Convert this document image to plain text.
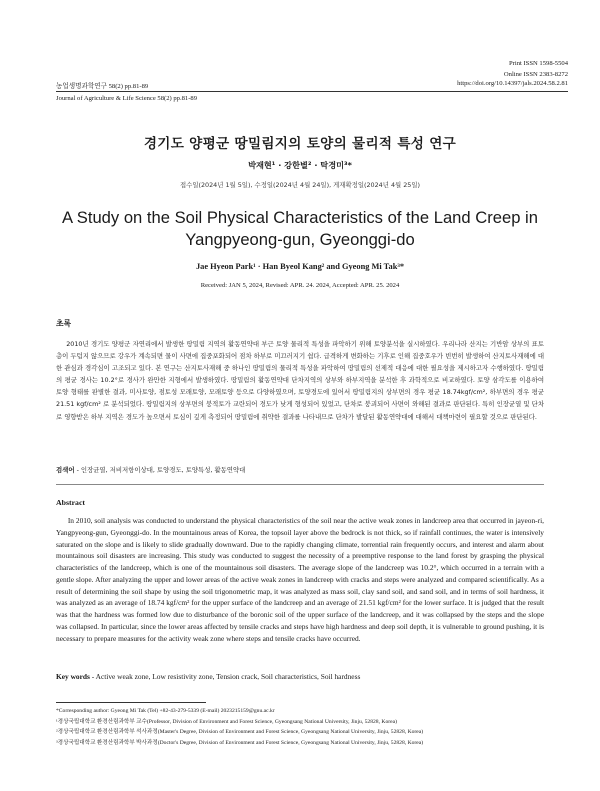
Print ISSN 1598-5504
Online ISSN 2383-8272
농업생명과학연구 58(2) pp.81-89	https://doi.org/10.14397/jals.2024.58.2.81
Journal of Agriculture & Life Science 58(2) pp.81-89
경기도 양평군 땅밀림지의 토양의 물리적 특성 연구
박재현¹ · 강한별² · 탁경미³*
접수일(2024년 1월 5일), 수정일(2024년 4월 24일), 게재확정일(2024년 4월 25일)
A Study on the Soil Physical Characteristics of the Land Creep in
Yangpyeong-gun, Gyeonggi-do
Jae Hyeon Park¹ · Han Byeol Kang² and Gyeong Mi Tak³*
Received: JAN 5, 2024, Revised: APR. 24. 2024, Accepted: APR. 25. 2024
초록
2010년 경기도 양평군 자연리에서 발생한 땅밀림 지역의 활동연약대 부근 토양 물리적 특성을 파악하기 위해 토양분석을 실시하였다. 우리나라 산지는 기반암 상부의 표토층이 두텁지 않으므로 강우가 계속되면 물이 사면에 집중포화되어 점차 하부로 미끄러지기 쉽다. 급격하게 변화하는 기후로 인해 집중호우가 빈번히 발생하여 산지토사재해에 대한 관심과 경각심이 고조되고 있다. 본 연구는 산지토사재해 중 하나인 땅밀림의 물리적 특성을 파악하여 땅밀림의 선제적 대응에 대한 필요성을 제시하고자 수행하였다. 땅밀림의 평균 경사는 10.2°로 경사가 완만한 지형에서 발생하였다. 땅밀림의 활동연약대 단차지역의 상부와 하부지역을 분석한 후 과학적으로 비교하였다. 토양 삼각도를 이용하여 토양 형태를 판별한 결과, 미사토양, 점토성 모래토양, 모래토양 등으로 다양하였으며, 토양경도에 있어서 땅밀림지의 상부면의 경우 평균 18.74kgf/cm², 하부면의 경우 평균 21.51 kgf/cm² 로 분석되었다. 땅밀림지의 상부면의 붕적토가 교란되어 경도가 낮게 형성되어 있었고, 단차로 붕괴되어 사면이 와해된 결과로 판단된다. 특히 인장균열 및 단차로 영향받은 하부 지역은 경도가 높으면서 토심이 깊게 측정되어 땅밀림에 취약한 결과를 나타내므로 단차가 발달된 활동연약대에 대해서 대책마련이 필요할 것으로 판단된다.
검색어 - 인장균열, 저비저항이상대, 토양경도, 토양특성, 활동연약대
Abstract
In 2010, soil analysis was conducted to understand the physical characteristics of the soil near the active weak zones in landcreep area that occurred in jayeon-ri, Yangpyeong-gun, Gyeonggi-do. In the mountainous areas of Korea, the topsoil layer above the bedrock is not thick, so if rainfall continues, the water is intensively saturated on the slope and is likely to slide gradually downward. Due to the rapidly changing climate, torrential rain frequently occurs, and interest and alarm about mountainous soil disasters are increasing. This study was conducted to suggest the necessity of a preemptive response to the land forest by grasping the physical characteristics of the landcreep, which is one of the mountainous soil disasters. The average slope of the landcreep was 10.2°, which occurred in a terrain with a gentle slope. After analyzing the upper and lower areas of the active weak zones in landcreep with cracks and steps were analyzed and compared scientifically. As a result of determining the soil shape by using the soil trigonometric map, it was analyzed as mass soil, clay sand soil, and sand soil, and in terms of soil hardness, it was analyzed as an average of 18.74 kgf/cm² for the upper surface of the landcreep and an average of 21.51 kgf/cm² for the lower surface. It is judged that the result was that the hardness was formed low due to disturbance of the boronic soil of the upper surface of the landcreep, and it was collapsed by the steps and the slope was collapsed. In particular, since the lower areas affected by tensile cracks and steps have high hardness and deep soil depth, it is vulnerable to ground pushing, it is necessary to prepare measures for the activity weak zone where steps and tensile cracks have occurred.
Key words - Active weak zone, Low resistivity zone, Tension crack, Soil characteristics, Soil hardness
*Corresponding author: Gyeong Mi Tak (Tel) +82-43-279-5339 (E-mail) 2023215159@gnu.ac.kr
¹경상국립대학교 환경산림과학부 교수(Professor, Division of Environment and Forest Science, Gyeongsang National University, Jinju, 52828, Korea)
²경상국립대학교 환경산림과학부 석사과정(Master's Degree, Division of Environment and Forest Science, Gyeongsang National University, Jinju, 52828, Korea)
³경상국립대학교 환경산림과학부 박사과정(Doctor's Degree, Division of Environment and Forest Science, Gyeongsang National University, Jinju, 52828, Korea)
